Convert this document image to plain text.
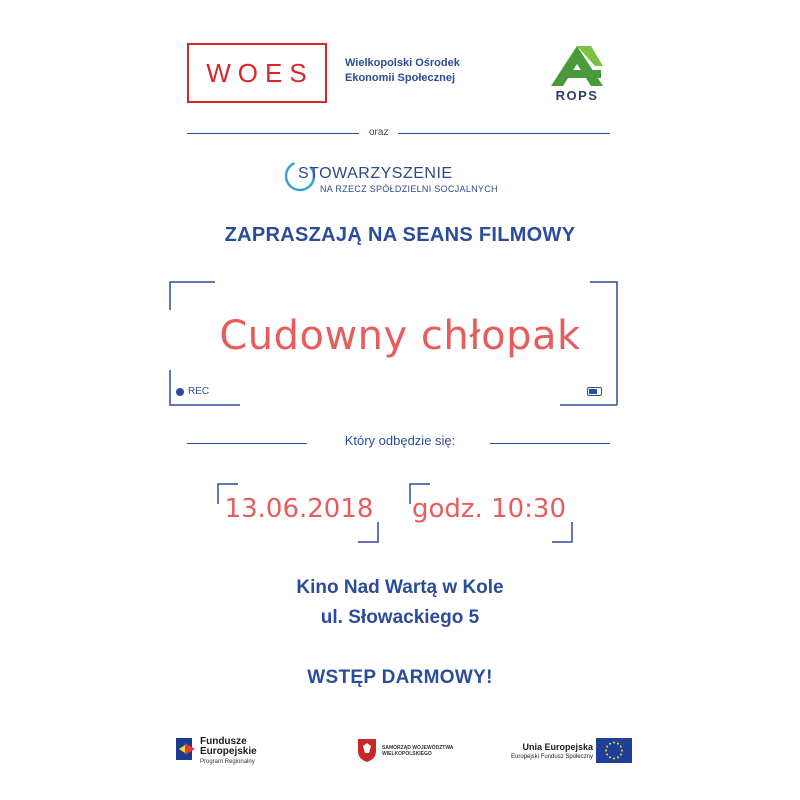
WOES	Wielkopolski Ośrodek
Ekonomii Społecznej
ROPS
oraz
STOWARZYSZENIE
NA RZECZ SPÓŁDZIELNI SOCJALNYCH
ZAPRASZAJĄ NA SEANS FILMOWY
Cudowny chłopak
REC
Który odbędzie się:
13.06.2018 godz. 10:30
Kino Nad Wartą w Kole
ul. Słowackiego 5
WSTĘP DARMOWY!
Fundusze
Europejskie
Program Regionalny
SAMORZĄD WOJEWÓDZTWA
WIELKOPOLSKIEGO
Unia Europejska
Europejski Fundusz Społeczny
